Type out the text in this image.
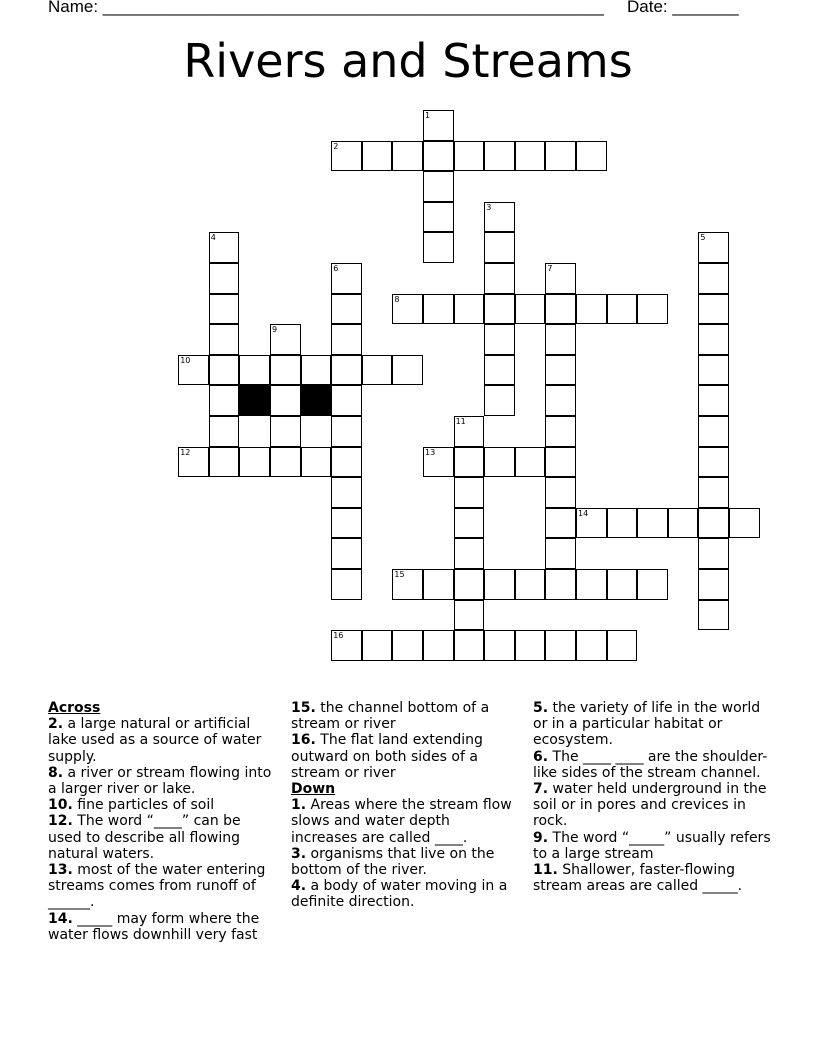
Name: _____________________________________________________ Date: _______
Rivers and Streams
1
2
3
4	5
6	7
8
9
10
11
12	13
14
15
16
Across
2. a large natural or artificial lake used as a source of water supply.
8. a river or stream flowing into a larger river or lake.
10. fine particles of soil
12. The word “____” can be used to describe all flowing natural waters.
13. most of the water entering streams comes from runoff of ______.
14. _____ may form where the water flows downhill very fast
15. the channel bottom of a stream or river
16. The flat land extending outward on both sides of a stream or river
Down
1. Areas where the stream flow slows and water depth increases are called ____.
3. organisms that live on the bottom of the river.
4. a body of water moving in a definite direction.
5. the variety of life in the world or in a particular habitat or ecosystem.
6. The ____ ____ are the shoulder-like sides of the stream channel.
7. water held underground in the soil or in pores and crevices in rock.
9. The word “_____” usually refers to a large stream
11. Shallower, faster-flowing stream areas are called _____.
